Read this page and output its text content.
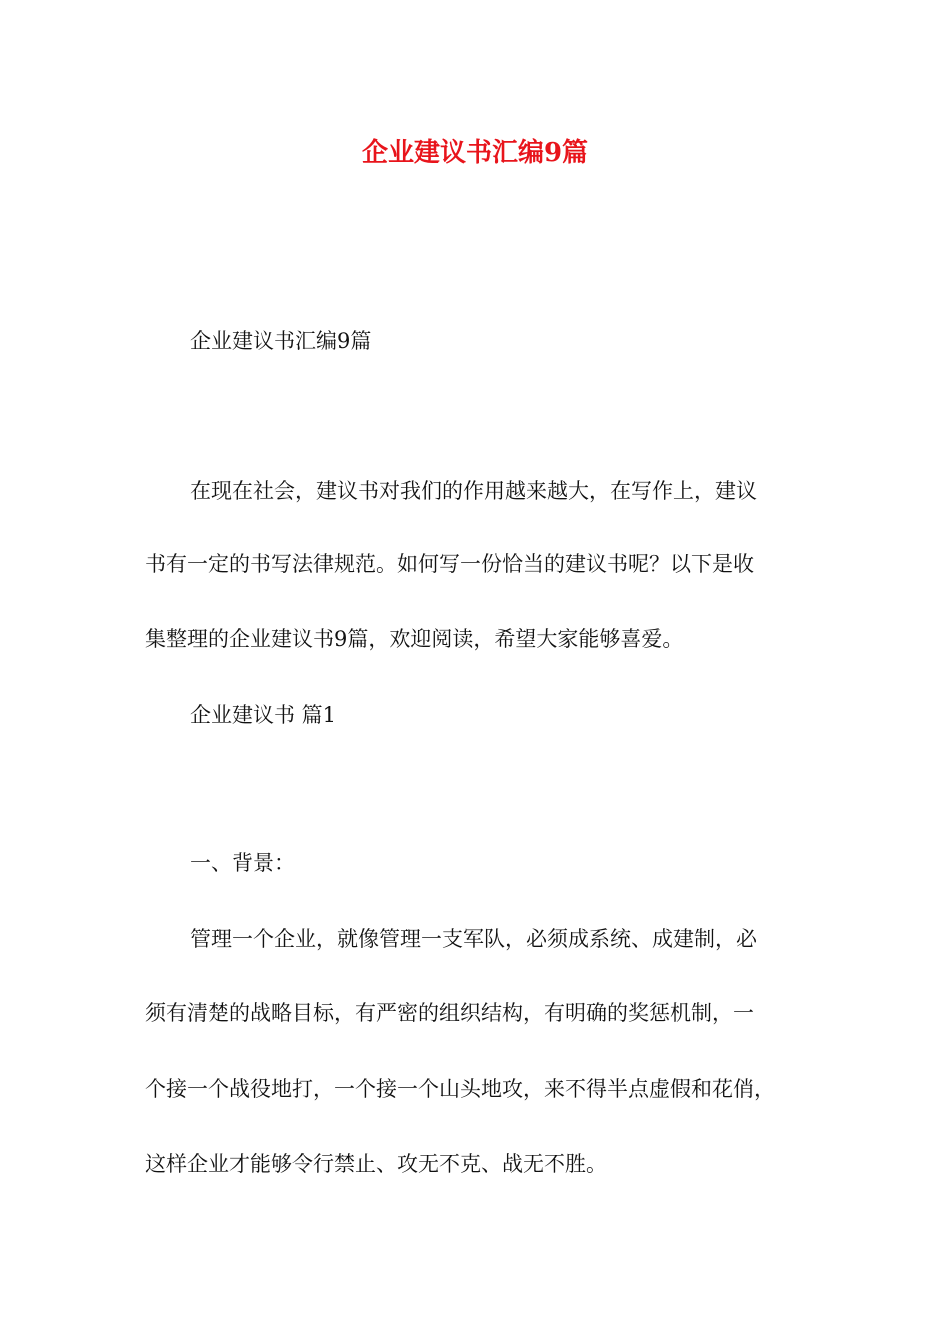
企业建议书汇编9篇

企业建议书汇编9篇

在现在社会，建议书对我们的作用越来越大，在写作上，建议

书有一定的书写法律规范。如何写一份恰当的建议书呢？以下是收

集整理的企业建议书9篇，欢迎阅读，希望大家能够喜爱。

企业建议书 篇1

一、背景：

管理一个企业，就像管理一支军队，必须成系统、成建制，必

须有清楚的战略目标，有严密的组织结构，有明确的奖惩机制，一

个接一个战役地打，一个接一个山头地攻，来不得半点虚假和花俏，

这样企业才能够令行禁止、攻无不克、战无不胜。
